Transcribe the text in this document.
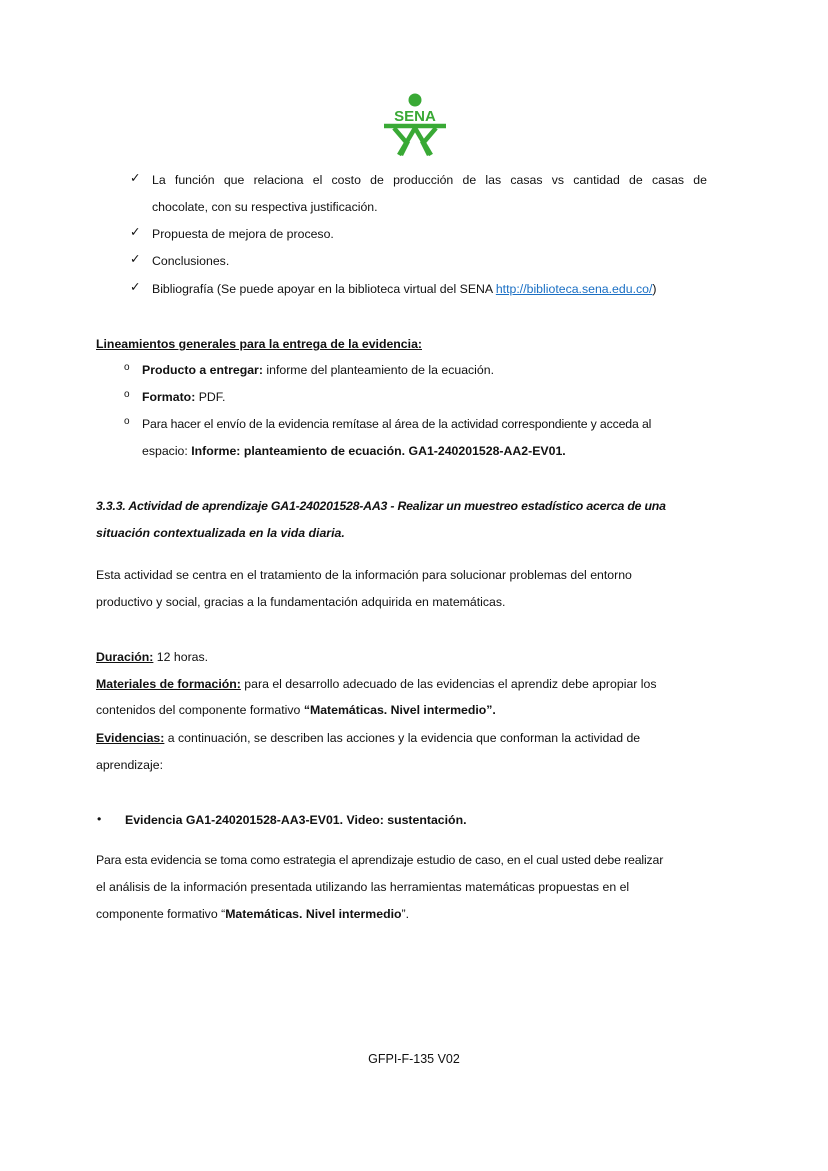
SENA
✓ La función que relaciona el costo de producción de las casas vs cantidad de casas de
chocolate, con su respectiva justificación.
✓ Propuesta de mejora de proceso.
✓ Conclusiones.
✓ Bibliografía (Se puede apoyar en la biblioteca virtual del SENA http://biblioteca.sena.edu.co/)
Lineamientos generales para la entrega de la evidencia:
o Producto a entregar: informe del planteamiento de la ecuación.
o Formato: PDF.
o Para hacer el envío de la evidencia remítase al área de la actividad correspondiente y acceda al
espacio: Informe: planteamiento de ecuación. GA1-240201528-AA2-EV01.
3.3.3. Actividad de aprendizaje GA1-240201528-AA3 - Realizar un muestreo estadístico acerca de una
situación contextualizada en la vida diaria.
Esta actividad se centra en el tratamiento de la información para solucionar problemas del entorno
productivo y social, gracias a la fundamentación adquirida en matemáticas.
Duración: 12 horas.
Materiales de formación: para el desarrollo adecuado de las evidencias el aprendiz debe apropiar los
contenidos del componente formativo “Matemáticas. Nivel intermedio”.
Evidencias: a continuación, se describen las acciones y la evidencia que conforman la actividad de
aprendizaje:
• Evidencia GA1-240201528-AA3-EV01. Video: sustentación.
Para esta evidencia se toma como estrategia el aprendizaje estudio de caso, en el cual usted debe realizar
el análisis de la información presentada utilizando las herramientas matemáticas propuestas en el
componente formativo “Matemáticas. Nivel intermedio”.
GFPI-F-135 V02
